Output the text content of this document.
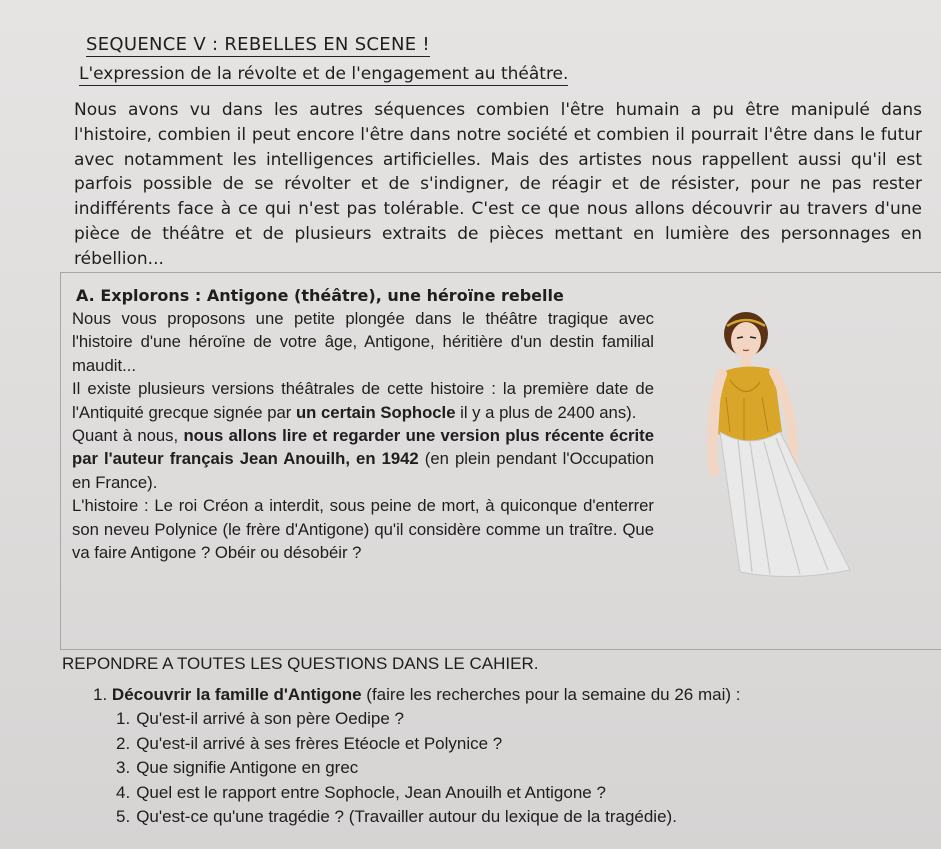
SEQUENCE V : REBELLES EN SCENE !
L'expression de la révolte et de l'engagement au théâtre.

Nous avons vu dans les autres séquences combien l'être humain a pu être manipulé dans l'histoire, combien il peut encore l'être dans notre société et combien il pourrait l'être dans le futur avec notamment les intelligences artificielles. Mais des artistes nous rappellent aussi qu'il est parfois possible de se révolter et de s'indigner, de réagir et de résister, pour ne pas rester indifférents face à ce qui n'est pas tolérable. C'est ce que nous allons découvrir au travers d'une pièce de théâtre et de plusieurs extraits de pièces mettant en lumière des personnages en rébellion...

A. Explorons : Antigone (théâtre), une héroïne rebelle

Nous vous proposons une petite plongée dans le théâtre tragique avec l'histoire d'une héroïne de votre âge, Antigone, héritière d'un destin familial maudit...

Il existe plusieurs versions théâtrales de cette histoire : la première date de l'Antiquité grecque signée par un certain Sophocle il y a plus de 2400 ans).

Quant à nous, nous allons lire et regarder une version plus récente écrite par l'auteur français Jean Anouilh, en 1942 (en plein pendant l'Occupation en France).

L'histoire : Le roi Créon a interdit, sous peine de mort, à quiconque d'enterrer son neveu Polynice (le frère d'Antigone) qu'il considère comme un traître. Que va faire Antigone ? Obéir ou désobéir ?

REPONDRE A TOUTES LES QUESTIONS DANS LE CAHIER.
1. Découvrir la famille d'Antigone (faire les recherches pour la semaine du 26 mai) :
1. Qu'est-il arrivé à son père Oedipe ?
2. Qu'est-il arrivé à ses frères Etéocle et Polynice ?
3. Que signifie Antigone en grec
4. Quel est le rapport entre Sophocle, Jean Anouilh et Antigone ?
5. Qu'est-ce qu'une tragédie ? (Travailler autour du lexique de la tragédie).
